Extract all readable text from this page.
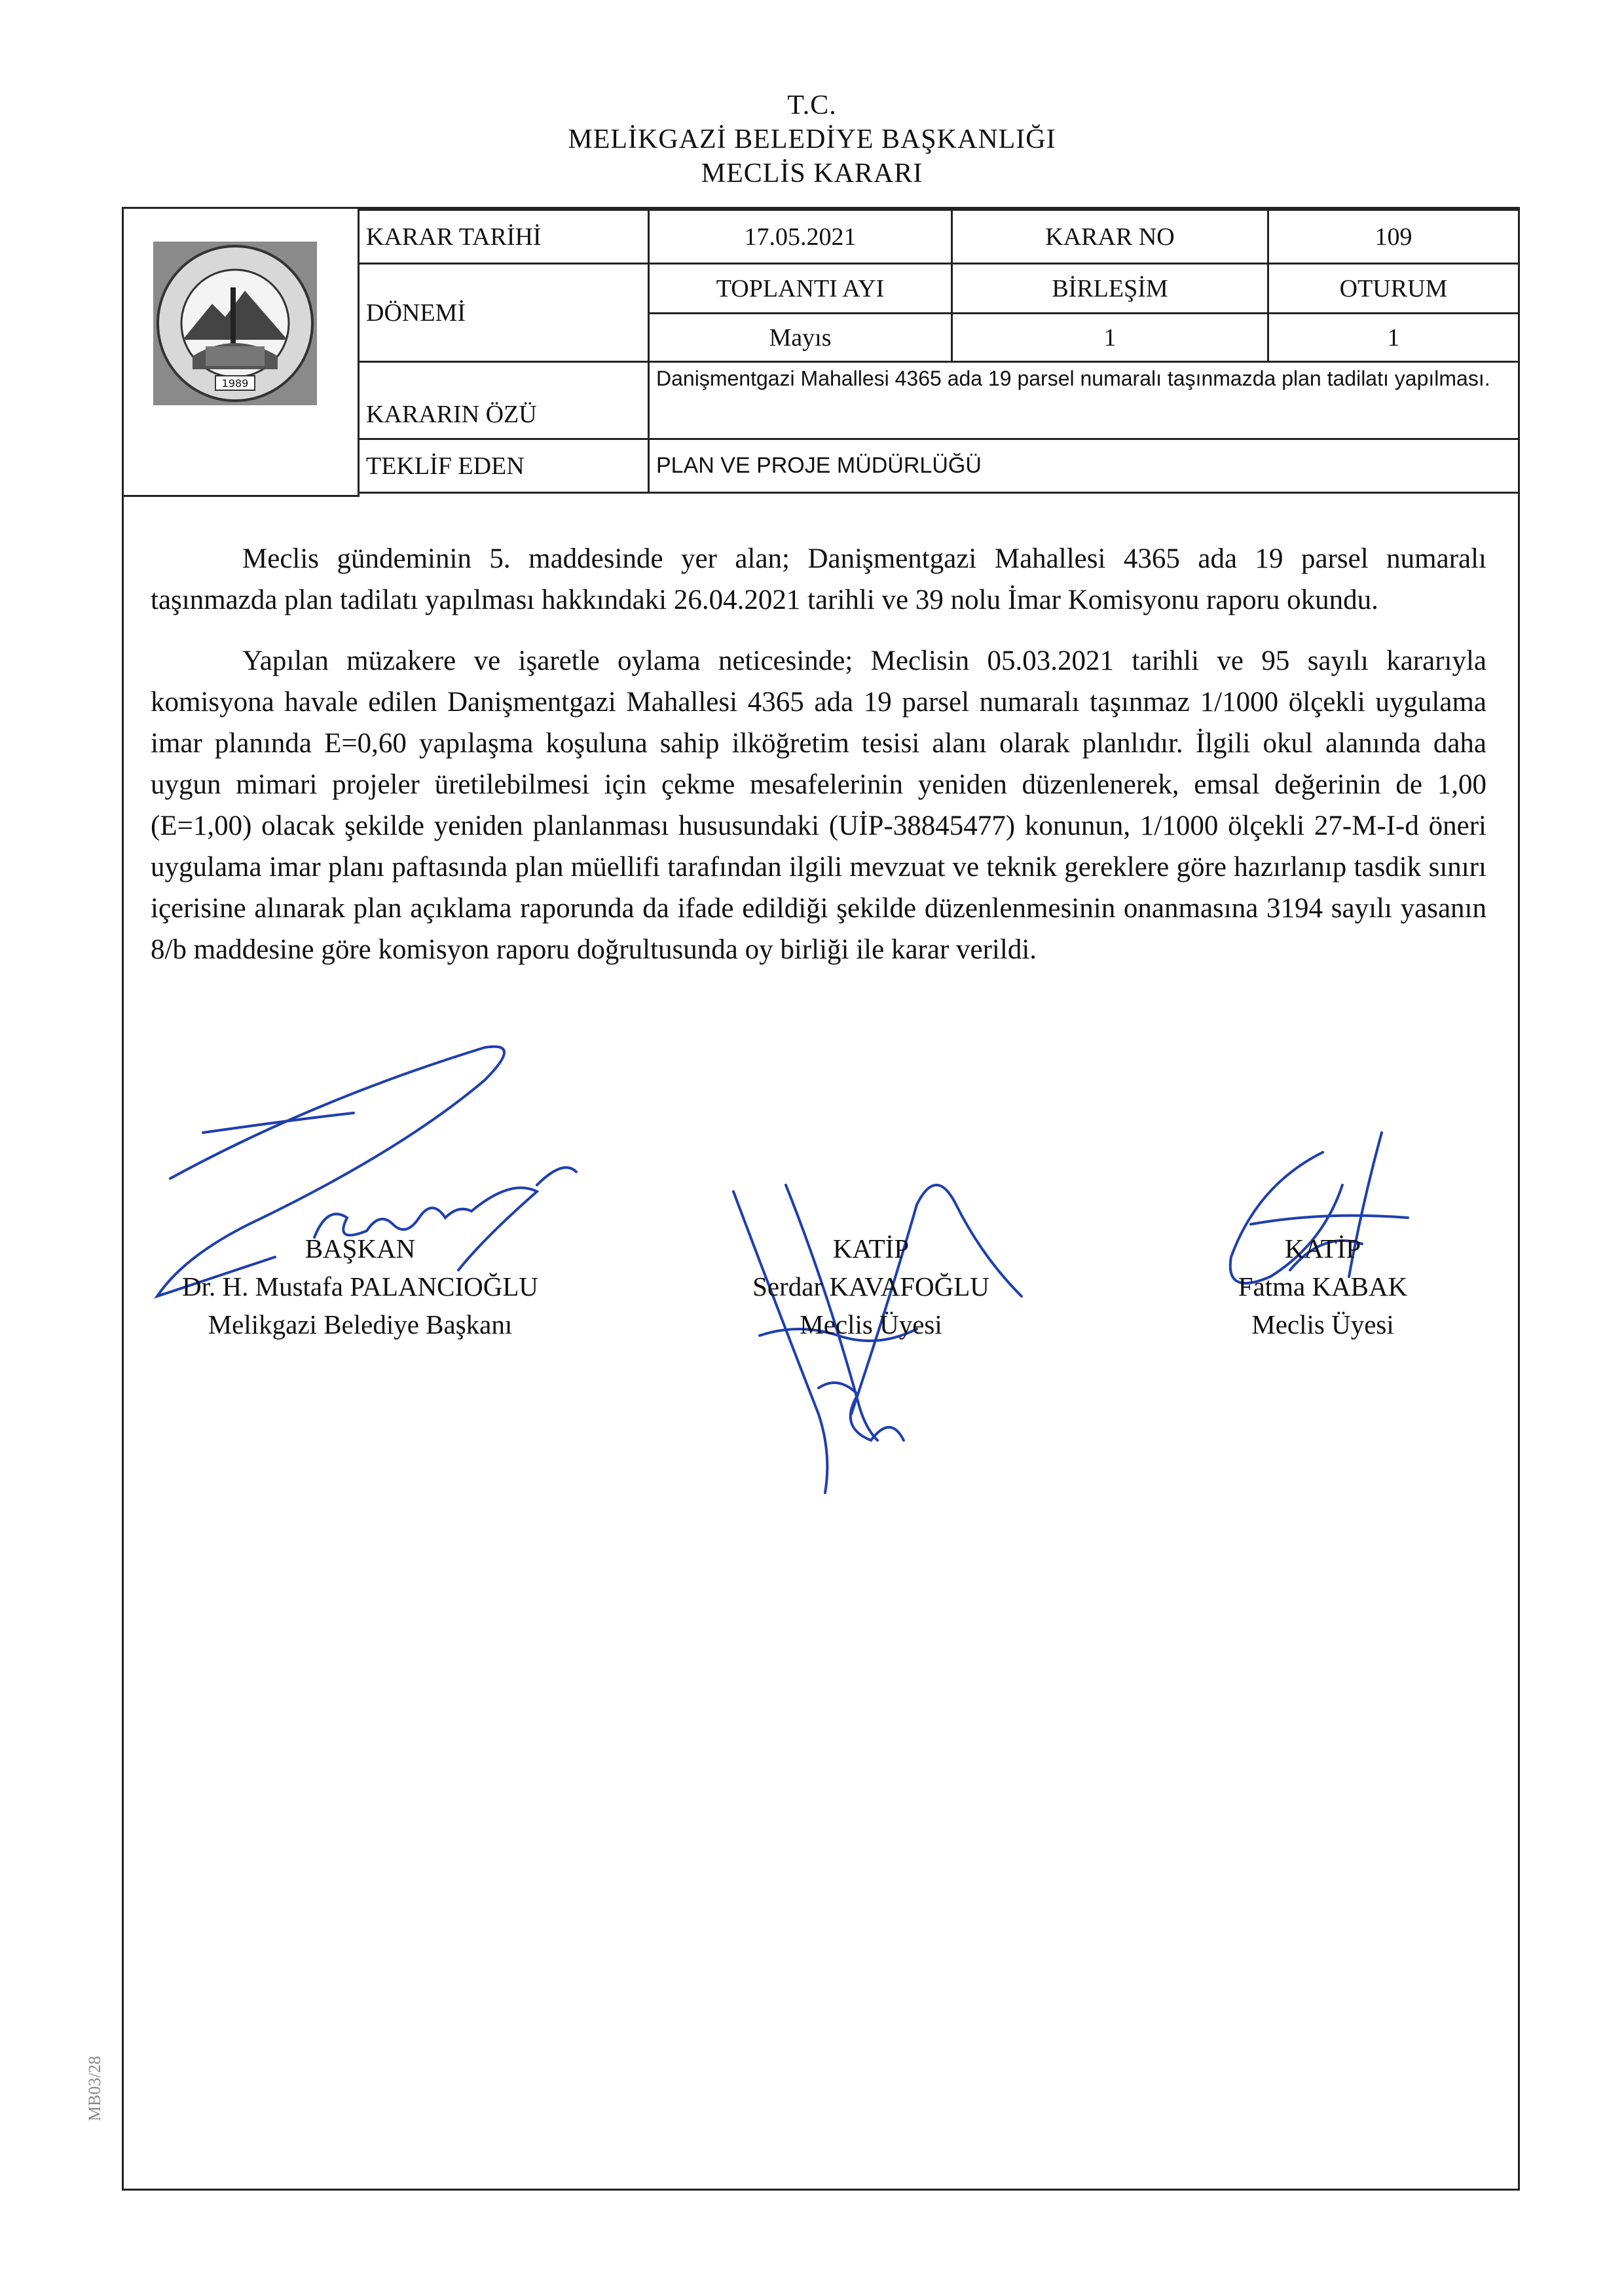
T.C.
MELİKGAZİ BELEDİYE BAŞKANLIĞI
MECLİS KARARI
1989
KARAR TARİHİ	17.05.2021	KARAR NO	109
DÖNEMİ	TOPLANTI AYI	BİRLEŞİM	OTURUM
	Mayıs	1	1
KARARIN ÖZÜ	Danişmentgazi Mahallesi 4365 ada 19 parsel numaralı taşınmazda plan tadilatı yapılması.		
TEKLİF EDEN	PLAN VE PROJE MÜDÜRLÜĞÜ		

Meclis gündeminin 5. maddesinde yer alan; Danişmentgazi Mahallesi 4365 ada 19 parsel numaralı taşınmazda plan tadilatı yapılması hakkındaki 26.04.2021 tarihli ve 39 nolu İmar Komisyonu raporu okundu.

Yapılan müzakere ve işaretle oylama neticesinde; Meclisin 05.03.2021 tarihli ve 95 sayılı kararıyla komisyona havale edilen Danişmentgazi Mahallesi 4365 ada 19 parsel numaralı taşınmaz 1/1000 ölçekli uygulama imar planında E=0,60 yapılaşma koşuluna sahip ilköğretim tesisi alanı olarak planlıdır. İlgili okul alanında daha uygun mimari projeler üretilebilmesi için çekme mesafelerinin yeniden düzenlenerek, emsal değerinin de 1,00 (E=1,00) olacak şekilde yeniden planlanması hususundaki (UİP-38845477) konunun, 1/1000 ölçekli 27-M-I-d öneri uygulama imar planı paftasında plan müellifi tarafından ilgili mevzuat ve teknik gereklere göre hazırlanıp tasdik sınırı içerisine alınarak plan açıklama raporunda da ifade edildiği şekilde düzenlenmesinin onanmasına 3194 sayılı yasanın 8/b maddesine göre komisyon raporu doğrultusunda oy birliği ile karar verildi.

BAŞKAN
Dr. H. Mustafa PALANCIOĞLU
Melikgazi Belediye Başkanı
KATİP
Serdar KAVAFOĞLU
Meclis Üyesi
KATİP
Fatma KABAK
Meclis Üyesi
MB03/28
